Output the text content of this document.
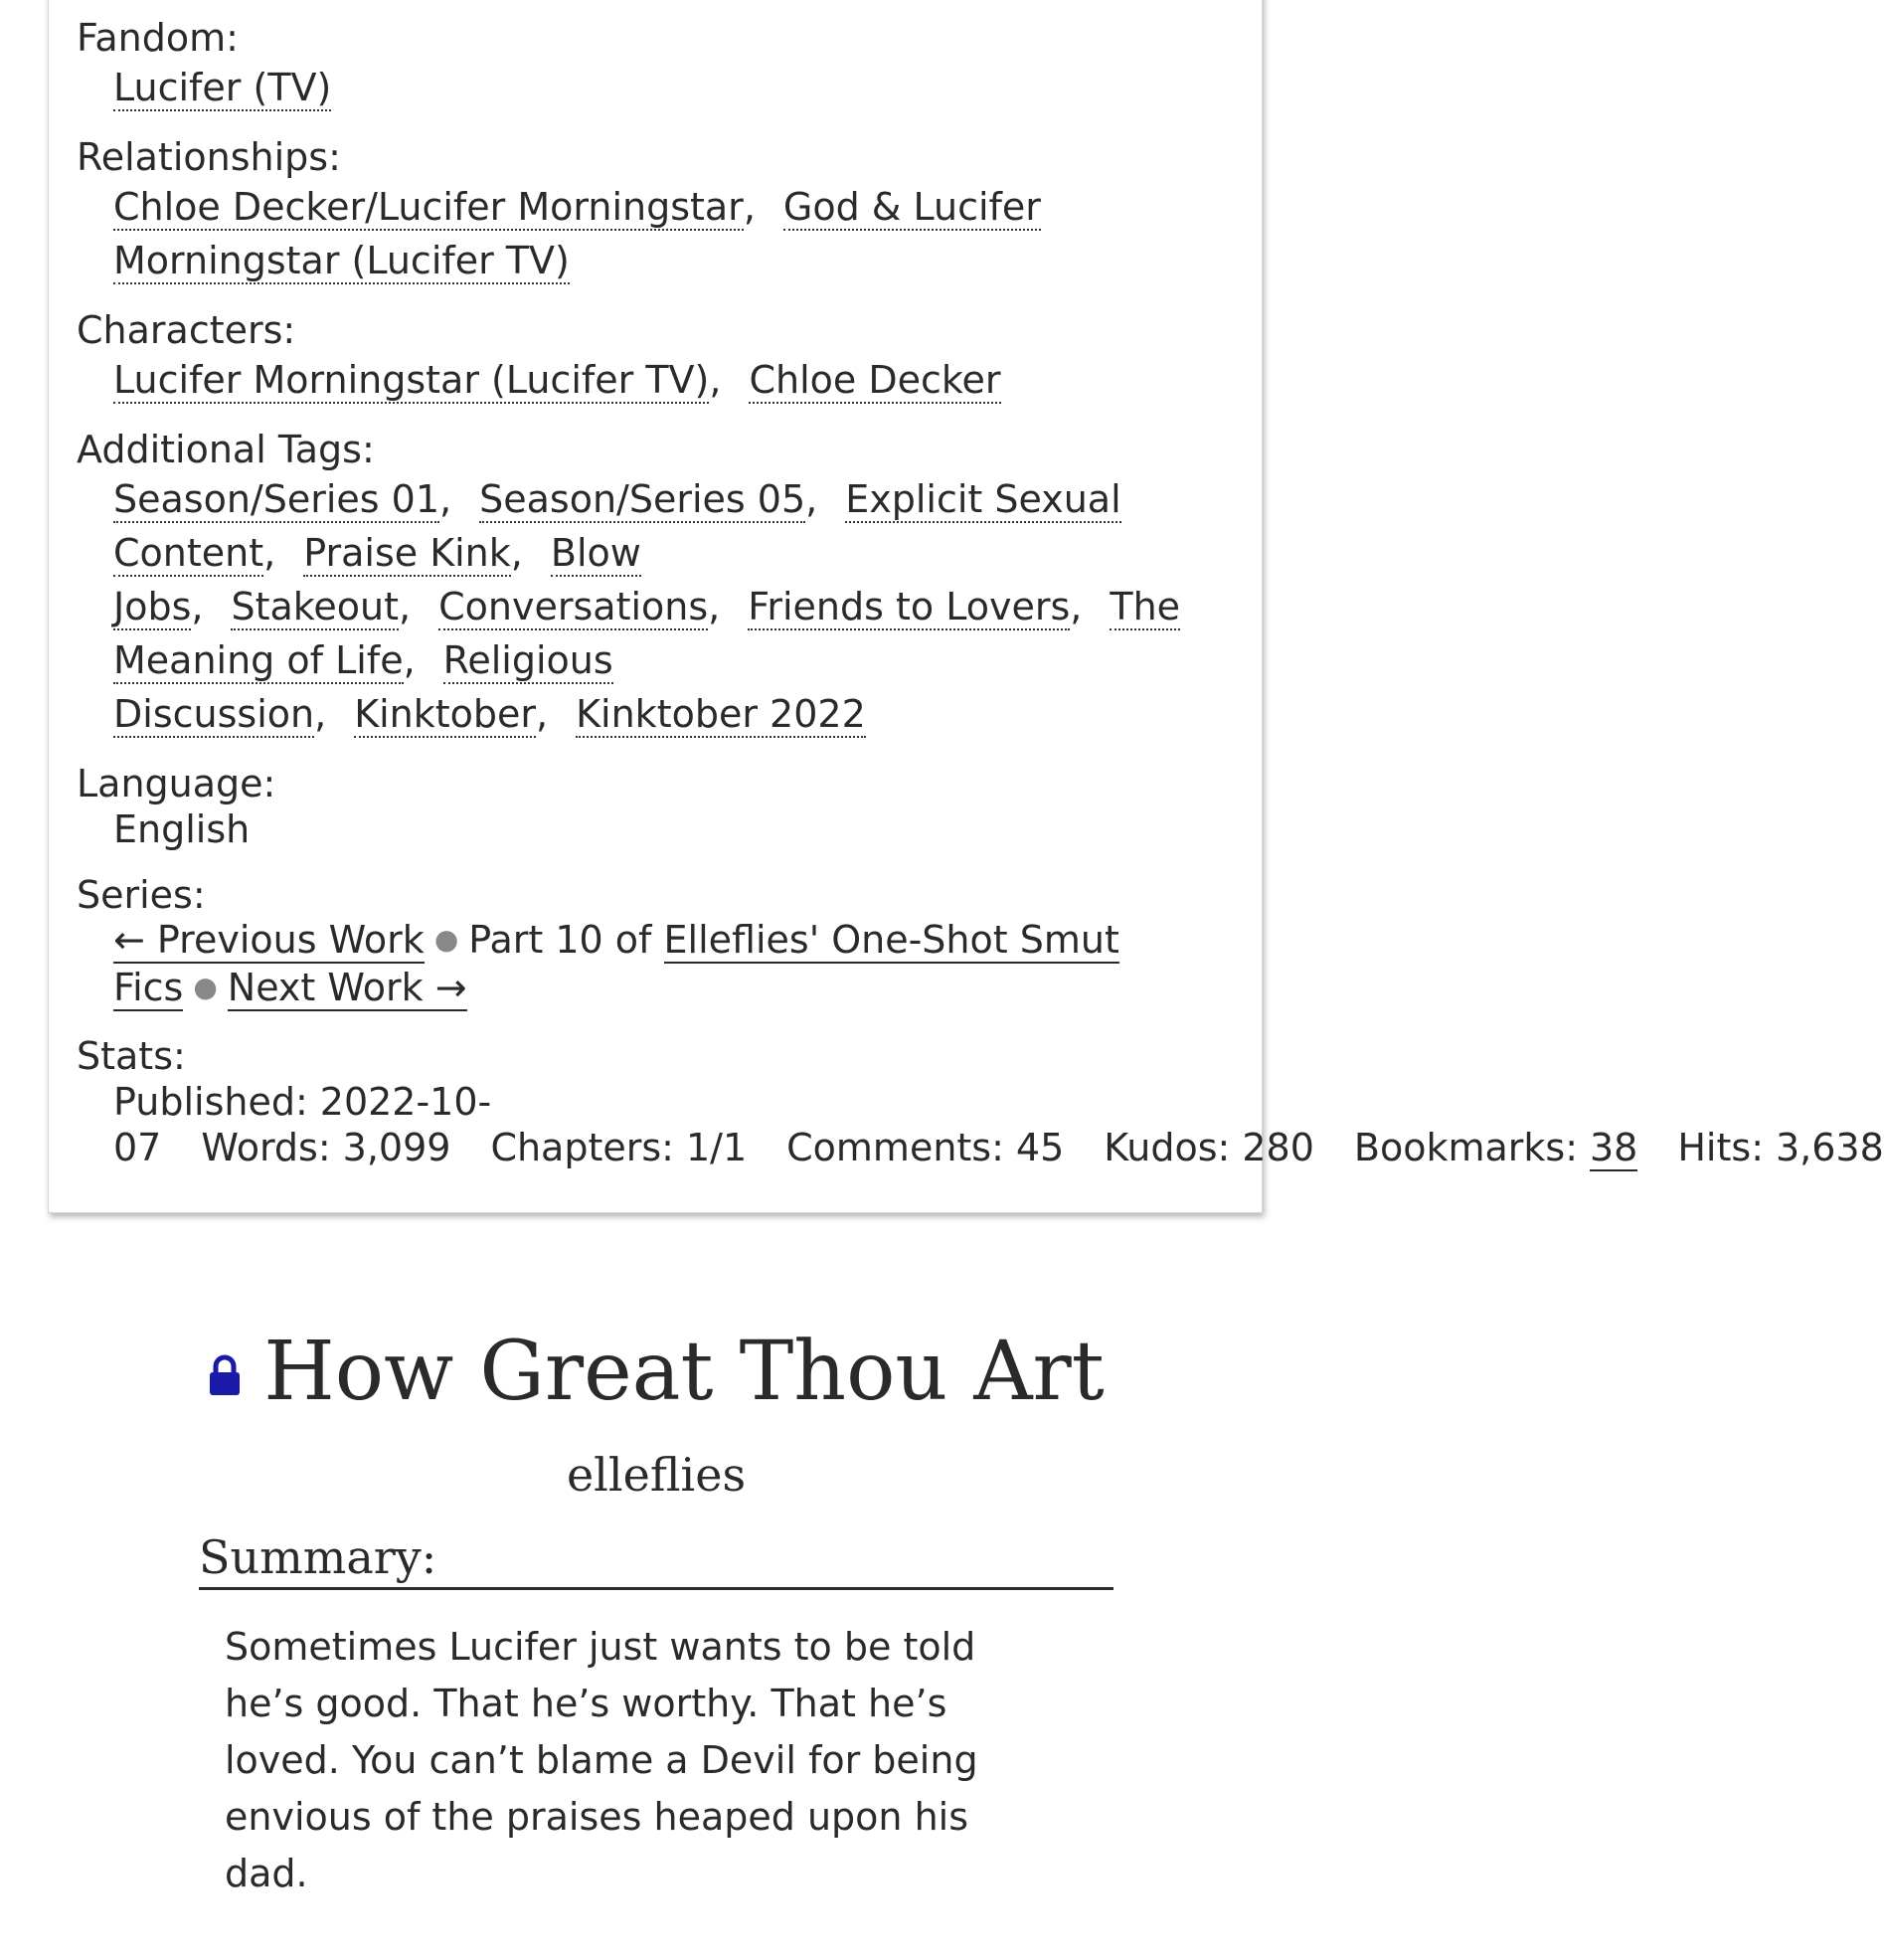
Fandom:
Lucifer (TV)
Relationships:
Chloe Decker/Lucifer Morningstar, God & Lucifer Morningstar (Lucifer TV)
Characters:
Lucifer Morningstar (Lucifer TV), Chloe Decker
Additional Tags:
Season/Series 01, Season/Series 05, Explicit Sexual Content, Praise Kink, Blow Jobs, Stakeout, Conversations, Friends to Lovers, The Meaning of Life, Religious Discussion, Kinktober, Kinktober 2022
Language:
English
Series:
← Previous Work ● Part 10 of Elleflies' One-Shot Smut Fics ● Next Work →
Stats:
Published: 2022-10-07 Words: 3,099 Chapters: 1/1 Comments: 45 Kudos: 280 Bookmarks: 38 Hits: 3,638
How Great Thou Art
elleflies
Summary:
Sometimes Lucifer just wants to be told he’s good. That he’s worthy. That he’s loved. You can’t blame a Devil for being envious of the praises heaped upon his dad.
